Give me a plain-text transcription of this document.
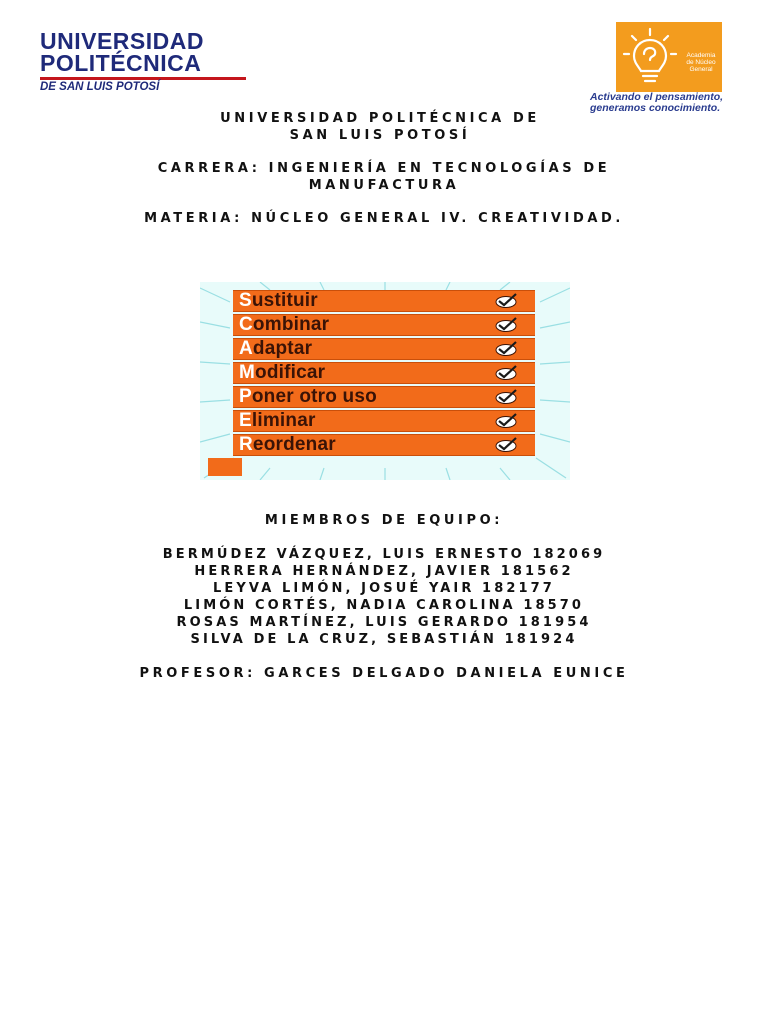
UNIVERSIDAD
POLITÉCNICA
DE SAN LUIS POTOSÍ
Academia
de Núcleo
General
Activando el pensamiento,
generamos conocimiento.
UNIVERSIDAD POLITÉCNICA DE
SAN LUIS POTOSÍ
CARRERA: INGENIERÍA EN TECNOLOGÍAS DE
MANUFACTURA
MATERIA: NÚCLEO GENERAL IV. CREATIVIDAD.
Sustituir
Combinar
Adaptar
Modificar
Poner otro uso
Eliminar
Reordenar
MIEMBROS DE EQUIPO:
BERMÚDEZ VÁZQUEZ, LUIS ERNESTO 182069
HERRERA HERNÁNDEZ, JAVIER 181562
LEYVA LIMÓN, JOSUÉ YAIR 182177
LIMÓN CORTÉS, NADIA CAROLINA 18570
ROSAS MARTÍNEZ, LUIS GERARDO 181954
SILVA DE LA CRUZ, SEBASTIÁN 181924
PROFESOR: GARCES DELGADO DANIELA EUNICE
